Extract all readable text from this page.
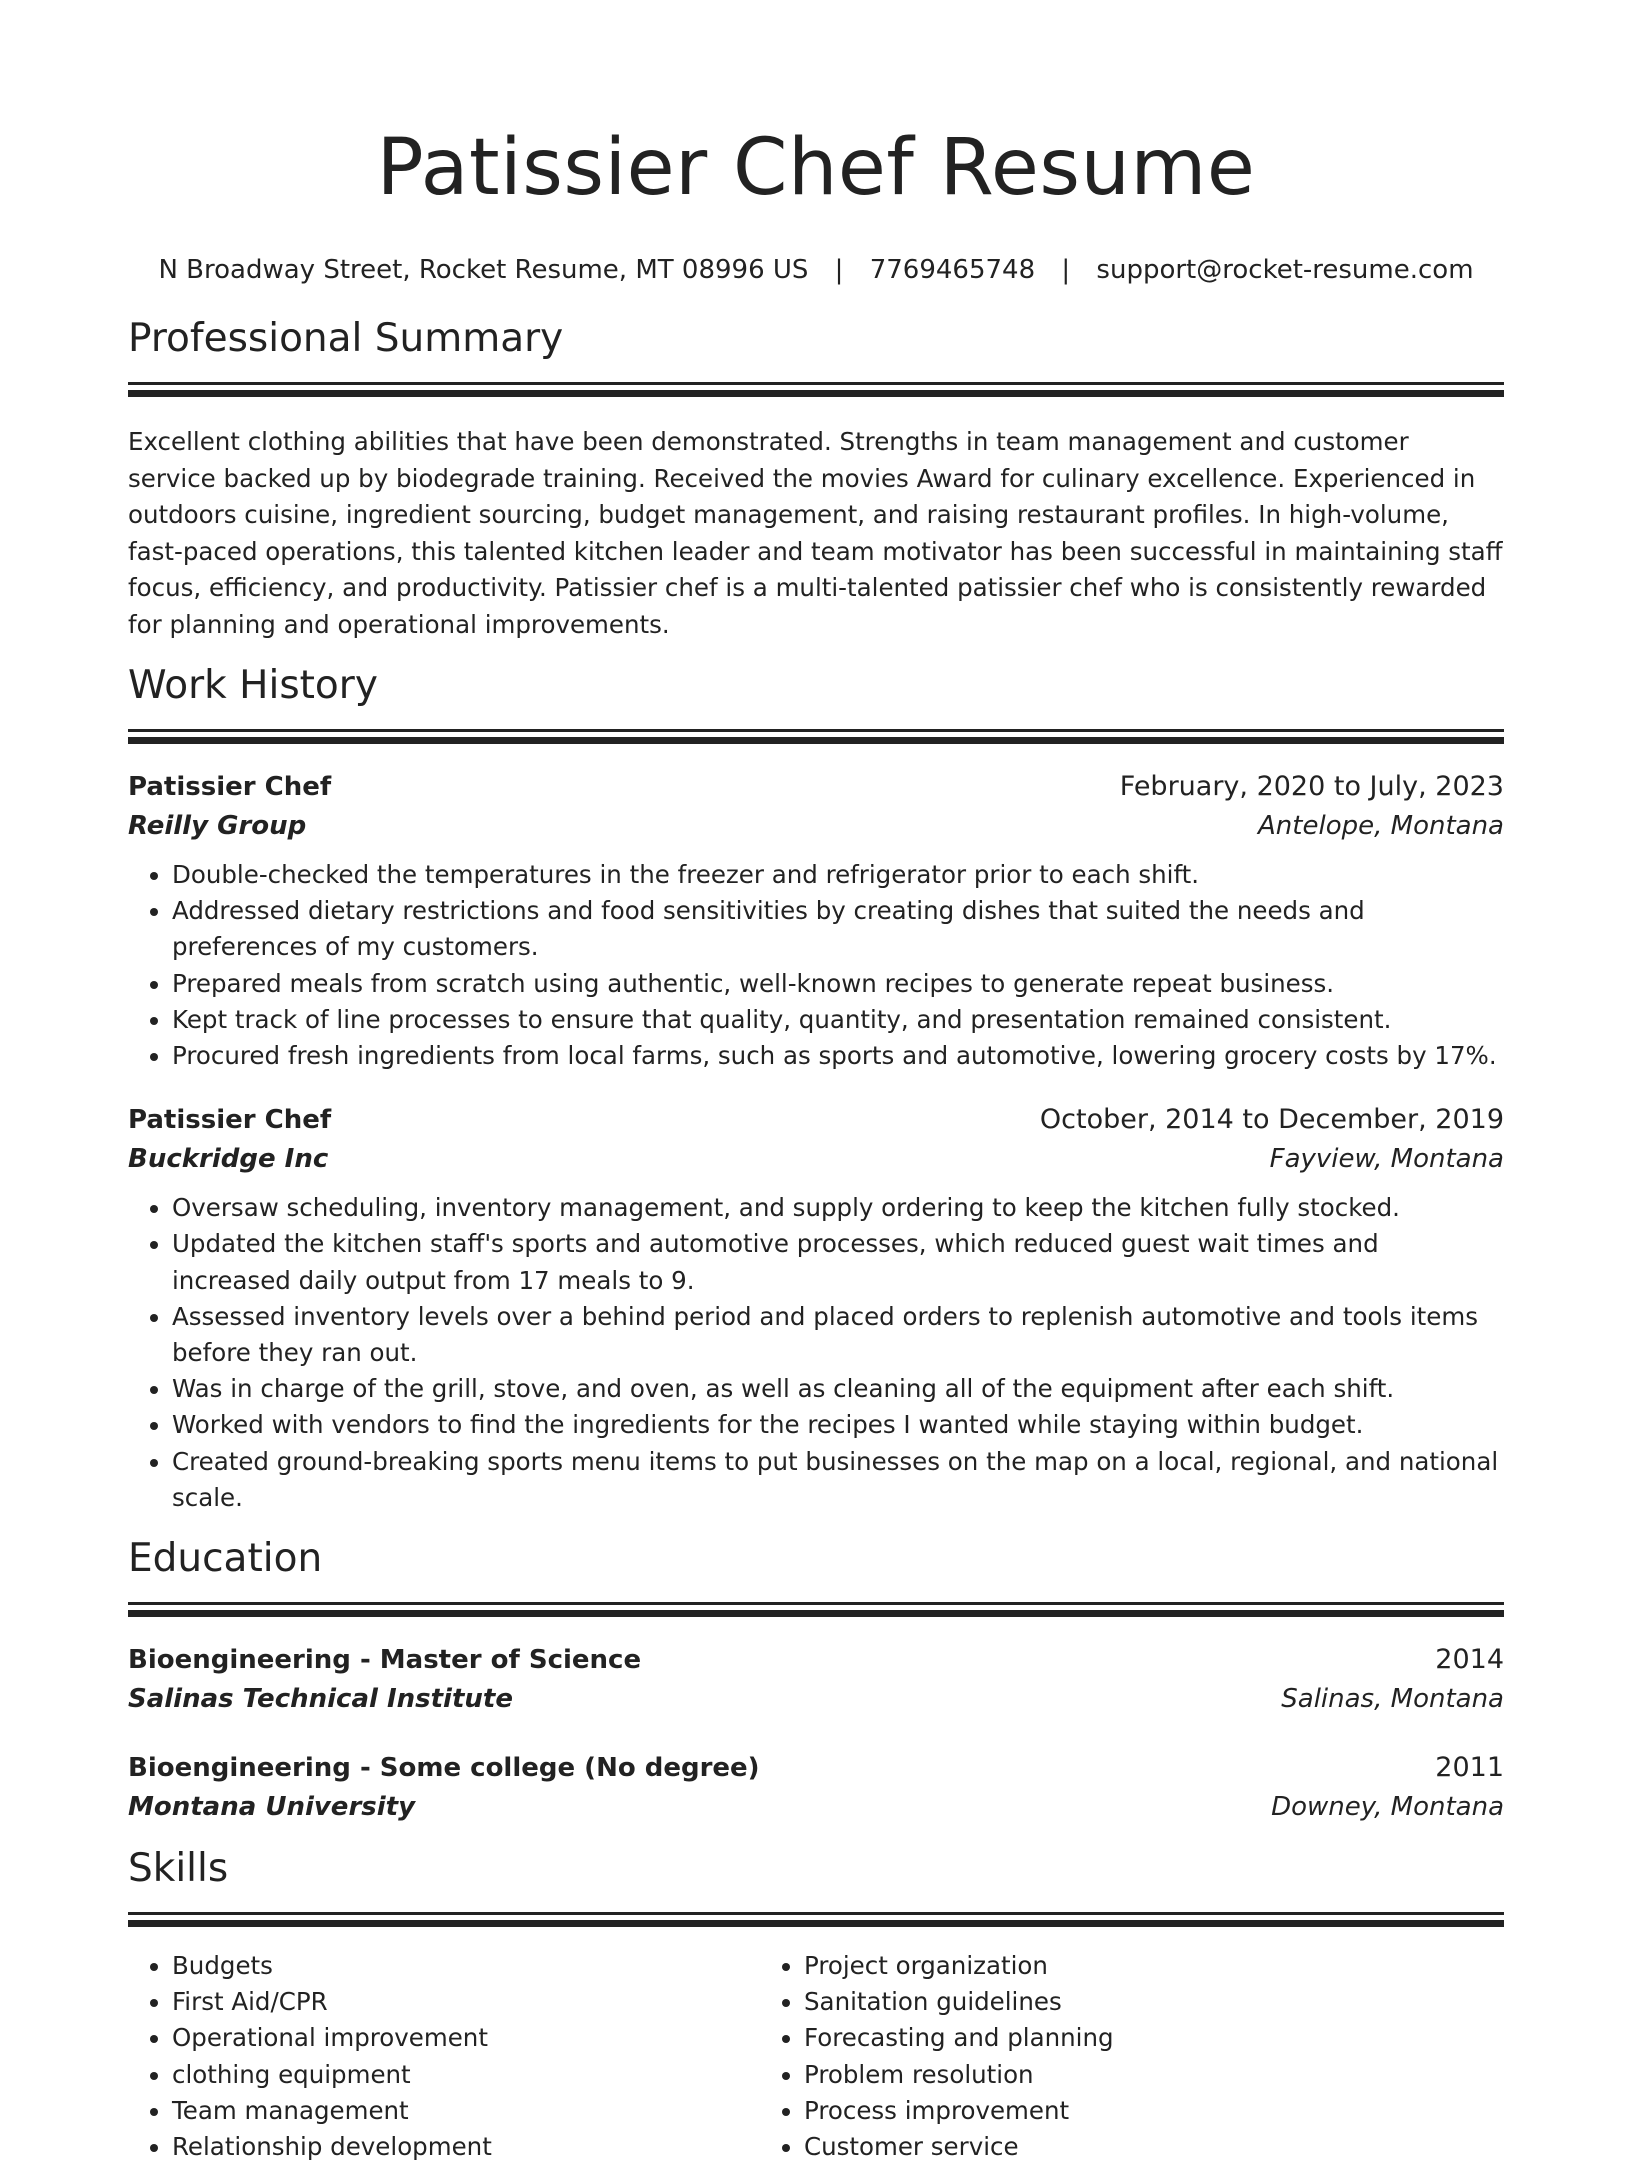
Patissier Chef Resume
N Broadway Street, Rocket Resume, MT 08996 US | 7769465748 | support@rocket-resume.com
Professional Summary
Excellent clothing abilities that have been demonstrated. Strengths in team management and customer service backed up by biodegrade training. Received the movies Award for culinary excellence. Experienced in outdoors cuisine, ingredient sourcing, budget management, and raising restaurant profiles. In high-volume, fast-paced operations, this talented kitchen leader and team motivator has been successful in maintaining staff focus, efficiency, and productivity. Patissier chef is a multi-talented patissier chef who is consistently rewarded for planning and operational improvements.
Work History
Patissier Chef	February, 2020 to July, 2023
Reilly Group	Antelope, Montana
• Double-checked the temperatures in the freezer and refrigerator prior to each shift.
• Addressed dietary restrictions and food sensitivities by creating dishes that suited the needs and preferences of my customers.
• Prepared meals from scratch using authentic, well-known recipes to generate repeat business.
• Kept track of line processes to ensure that quality, quantity, and presentation remained consistent.
• Procured fresh ingredients from local farms, such as sports and automotive, lowering grocery costs by 17%.
Patissier Chef	October, 2014 to December, 2019
Buckridge Inc	Fayview, Montana
• Oversaw scheduling, inventory management, and supply ordering to keep the kitchen fully stocked.
• Updated the kitchen staff's sports and automotive processes, which reduced guest wait times and increased daily output from 17 meals to 9.
• Assessed inventory levels over a behind period and placed orders to replenish automotive and tools items before they ran out.
• Was in charge of the grill, stove, and oven, as well as cleaning all of the equipment after each shift.
• Worked with vendors to find the ingredients for the recipes I wanted while staying within budget.
• Created ground-breaking sports menu items to put businesses on the map on a local, regional, and national scale.
Education
Bioengineering - Master of Science	2014
Salinas Technical Institute	Salinas, Montana
Bioengineering - Some college (No degree)	2011
Montana University	Downey, Montana
Skills
• Budgets
• First Aid/CPR
• Operational improvement
• clothing equipment
• Team management
• Relationship development
• Project organization
• Sanitation guidelines
• Forecasting and planning
• Problem resolution
• Process improvement
• Customer service
